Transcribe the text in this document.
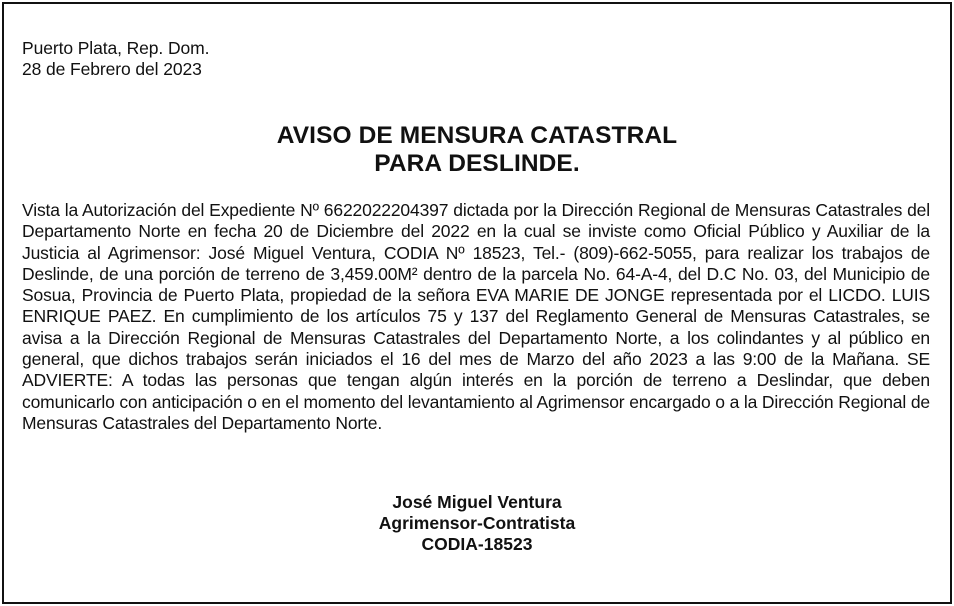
Puerto Plata, Rep. Dom.
28 de Febrero del 2023
AVISO DE MENSURA CATASTRAL
PARA DESLINDE.

Vista la Autorización del Expediente Nº 6622022204397 dictada por la Dirección Regional de Mensuras Catastrales del Departamento Norte en fecha 20 de Diciembre del 2022 en la cual se inviste como Oficial Público y Auxiliar de la Justicia al Agrimensor: José Miguel Ventura, CODIA Nº 18523, Tel.- (809)-662-5055, para realizar los trabajos de Deslinde, de una porción de terreno de 3,459.00M² dentro de la parcela No. 64-A-4, del D.C No. 03, del Municipio de Sosua, Provincia de Puerto Plata, propiedad de la señora EVA MARIE DE JONGE representada por el LICDO. LUIS ENRIQUE PAEZ. En cumplimiento de los artículos 75 y 137 del Reglamento General de Mensuras Catastrales, se avisa a la Dirección Regional de Mensuras Catastrales del Departamento Norte, a los colindantes y al público en general, que dichos trabajos serán iniciados el 16 del mes de Marzo del año 2023 a las 9:00 de la Mañana. SE ADVIERTE: A todas las personas que tengan algún interés en la porción de terreno a Deslindar, que deben comunicarlo con anticipación o en el momento del levantamiento al Agrimensor encargado o a la Dirección Regional de Mensuras Catastrales del Departamento Norte.

José Miguel Ventura
Agrimensor-Contratista
CODIA-18523
